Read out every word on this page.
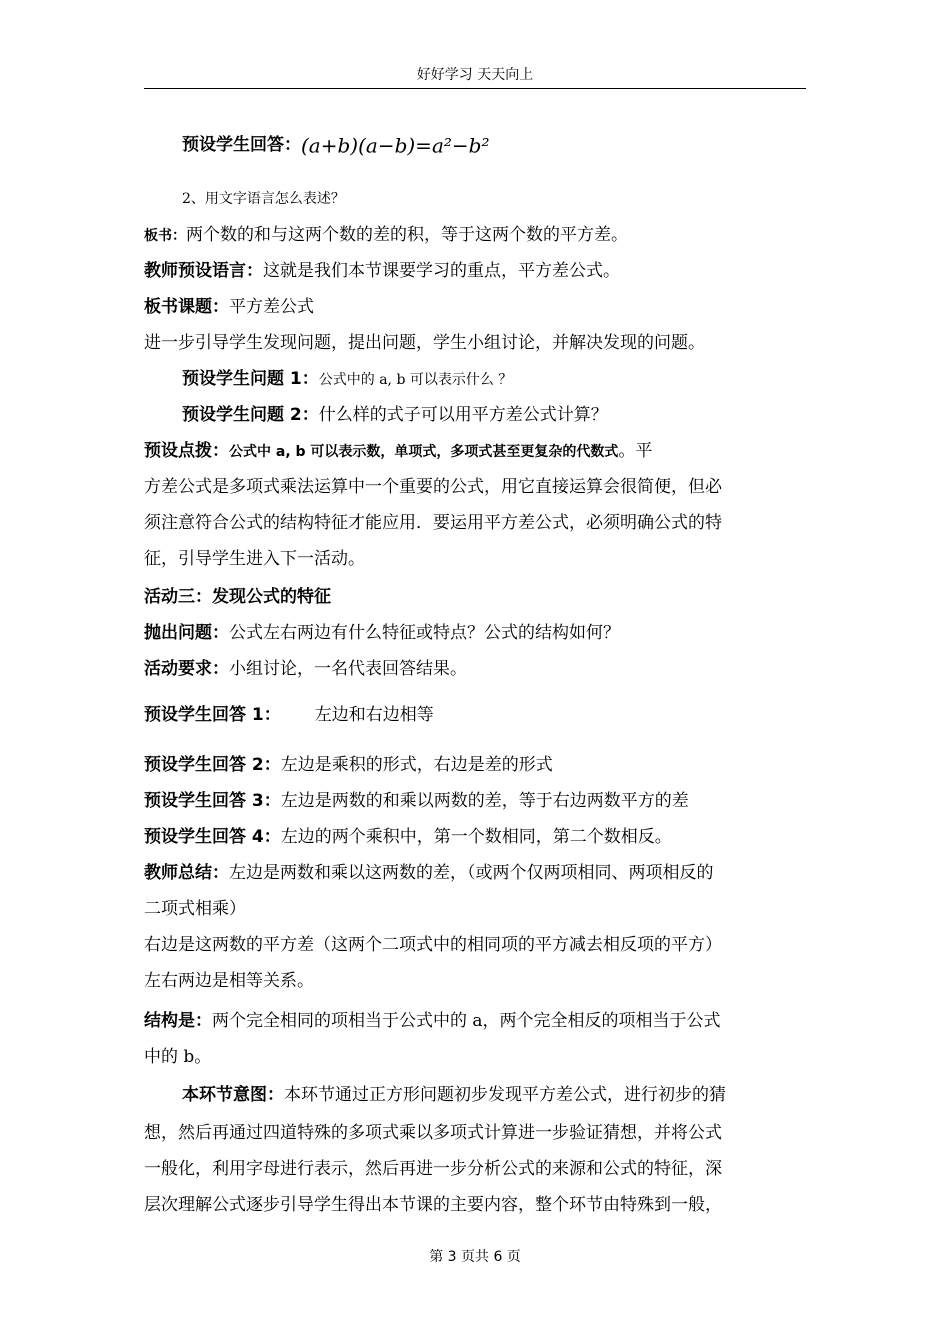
好好学习 天天向上
预设学生回答：(a+b)(a−b)=a²−b²
2、用文字语言怎么表述？
板书：两个数的和与这两个数的差的积，等于这两个数的平方差。
教师预设语言：这就是我们本节课要学习的重点，平方差公式。
板书课题：平方差公式
进一步引导学生发现问题，提出问题，学生小组讨论，并解决发现的问题。
预设学生问题 1：公式中的 a, b 可以表示什么 ？
预设学生问题 2：什么样的式子可以用平方差公式计算？
预设点拨：公式中 a, b 可以表示数，单项式，多项式甚至更复杂的代数式。平
方差公式是多项式乘法运算中一个重要的公式，用它直接运算会很简便，但必
须注意符合公式的结构特征才能应用．要运用平方差公式，必须明确公式的特
征，引导学生进入下一活动。
活动三：发现公式的特征
抛出问题：公式左右两边有什么特征或特点？公式的结构如何？
活动要求：小组讨论，一名代表回答结果。
预设学生回答 1： 左边和右边相等
预设学生回答 2：左边是乘积的形式，右边是差的形式
预设学生回答 3：左边是两数的和乘以两数的差，等于右边两数平方的差
预设学生回答 4：左边的两个乘积中，第一个数相同，第二个数相反。
教师总结：左边是两数和乘以这两数的差，（或两个仅两项相同、两项相反的
二项式相乘）
右边是这两数的平方差（这两个二项式中的相同项的平方减去相反项的平方）
左右两边是相等关系。
结构是：两个完全相同的项相当于公式中的 a，两个完全相反的项相当于公式
中的 b。
本环节意图：本环节通过正方形问题初步发现平方差公式，进行初步的猜
想，然后再通过四道特殊的多项式乘以多项式计算进一步验证猜想，并将公式
一般化，利用字母进行表示，然后再进一步分析公式的来源和公式的特征，深
层次理解公式逐步引导学生得出本节课的主要内容，整个环节由特殊到一般，
第 3 页共 6 页
